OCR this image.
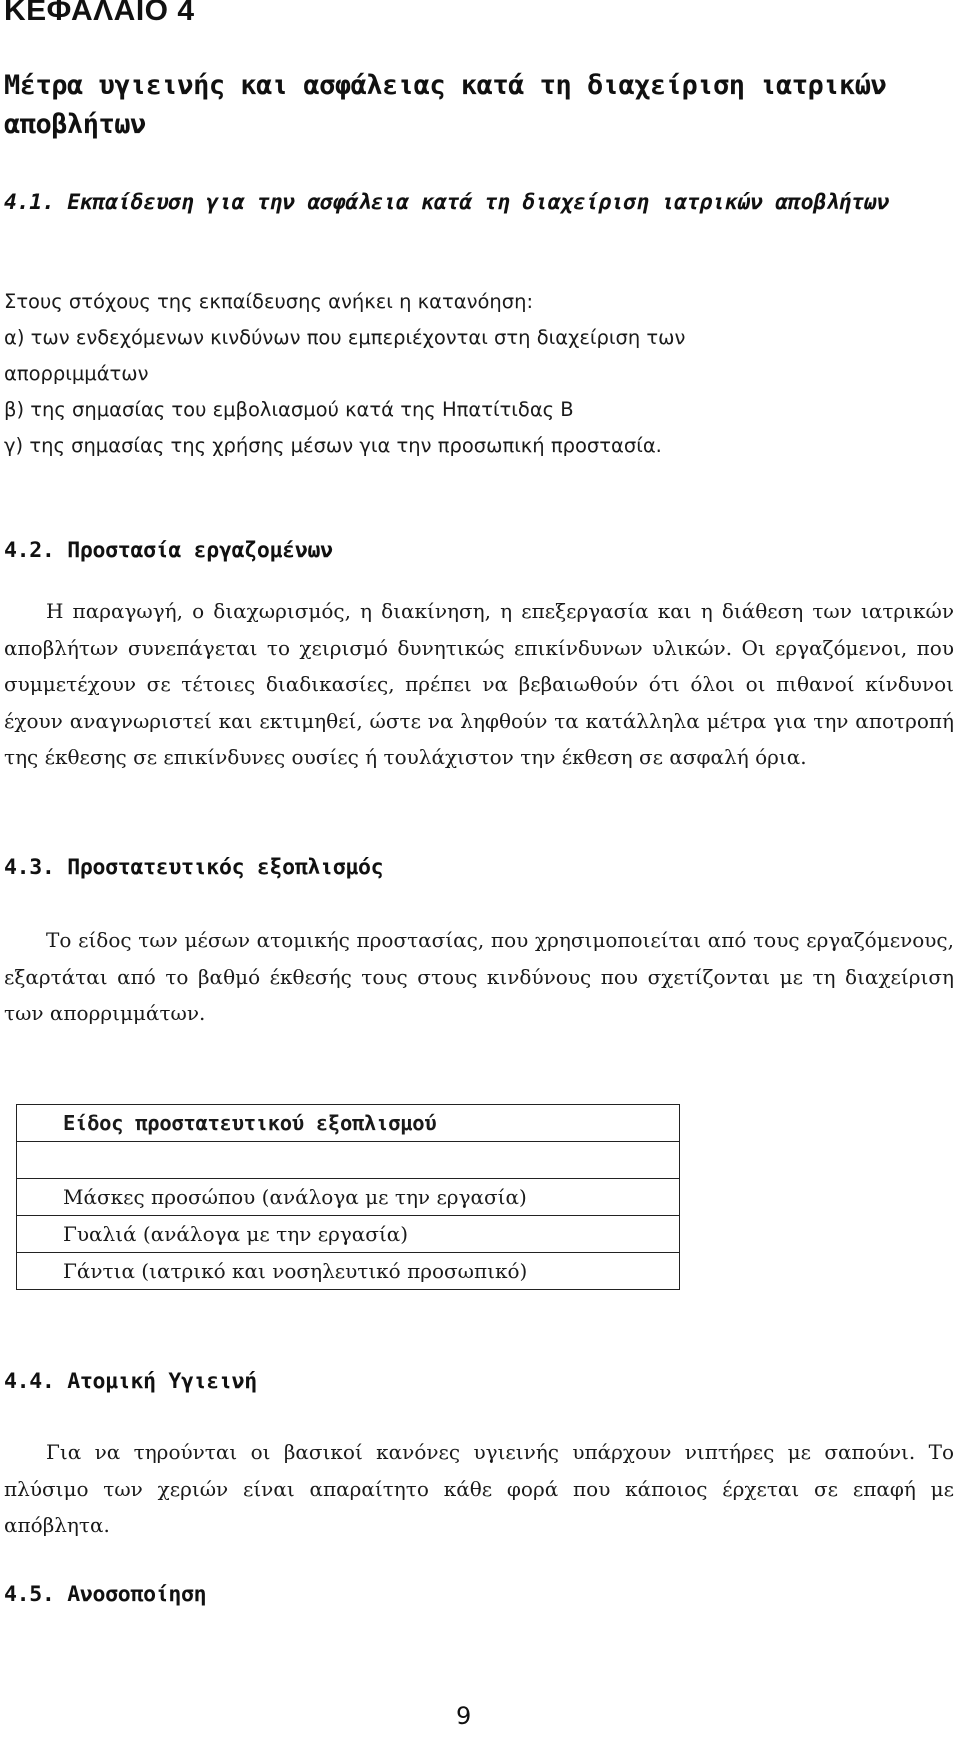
ΚΕΦΑΛΑΙΟ 4
Μέτρα υγιεινής και ασφάλειας κατά τη διαχείριση ιατρικών αποβλήτων
4.1. Εκπαίδευση για την ασφάλεια κατά τη διαχείριση ιατρικών αποβλήτων
Στους στόχους της εκπαίδευσης ανήκει η κατανόηση:
α) των ενδεχόμενων κινδύνων που εμπεριέχονται στη διαχείριση των
απορριμμάτων
β) της σημασίας του εμβολιασμού κατά της Ηπατίτιδας Β
γ) της σημασίας της χρήσης μέσων για την προσωπική προστασία.
4.2. Προστασία εργαζομένων
Η παραγωγή, ο διαχωρισμός, η διακίνηση, η επεξεργασία και η διάθεση των ιατρικών αποβλήτων συνεπάγεται το χειρισμό δυνητικώς επικίνδυνων υλικών. Οι εργαζόμενοι, που συμμετέχουν σε τέτοιες διαδικασίες, πρέπει να βεβαιωθούν ότι όλοι οι πιθανοί κίνδυνοι έχουν αναγνωριστεί και εκτιμηθεί, ώστε να ληφθούν τα κατάλληλα μέτρα για την αποτροπή της έκθεσης σε επικίνδυνες ουσίες ή τουλάχιστον την έκθεση σε ασφαλή όρια.
4.3. Προστατευτικός εξοπλισμός
Το είδος των μέσων ατομικής προστασίας, που χρησιμοποιείται από τους εργαζόμενους, εξαρτάται από το βαθμό έκθεσής τους στους κινδύνους που σχετίζονται με τη διαχείριση των απορριμμάτων.
Είδος προστατευτικού εξοπλισμού

Μάσκες προσώπου (ανάλογα με την εργασία)
Γυαλιά (ανάλογα με την εργασία)
Γάντια (ιατρικό και νοσηλευτικό προσωπικό)
4.4. Ατομική Υγιεινή
Για να τηρούνται οι βασικοί κανόνες υγιεινής υπάρχουν νιπτήρες με σαπούνι. Το πλύσιμο των χεριών είναι απαραίτητο κάθε φορά που κάποιος έρχεται σε επαφή με απόβλητα.
4.5. Ανοσοποίηση
9
